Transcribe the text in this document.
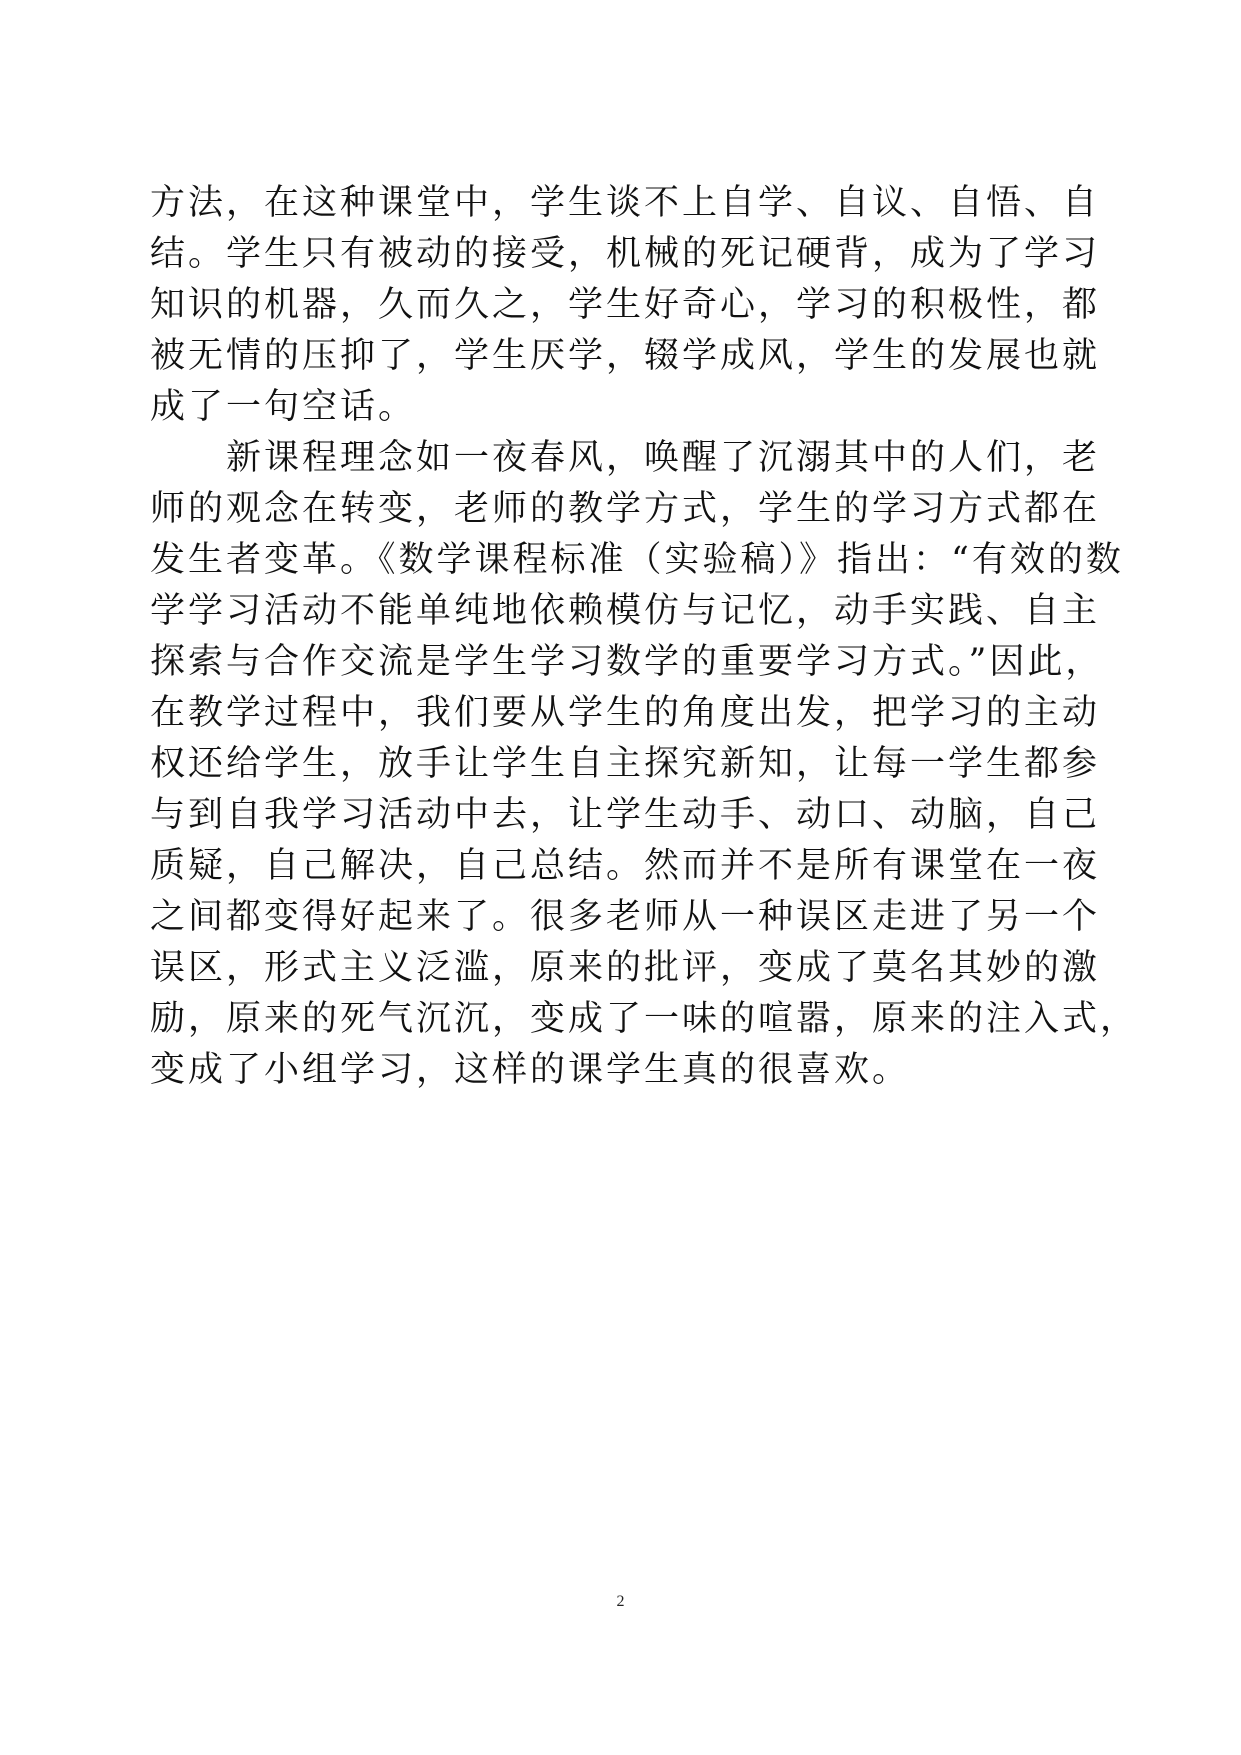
方法，在这种课堂中，学生谈不上自学、自议、自悟、自
结。学生只有被动的接受，机械的死记硬背，成为了学习
知识的机器，久而久之，学生好奇心，学习的积极性，都
被无情的压抑了，学生厌学，辍学成风，学生的发展也就
成了一句空话。
　　新课程理念如一夜春风，唤醒了沉溺其中的人们，老
师的观念在转变，老师的教学方式，学生的学习方式都在
发生者变革。《数学课程标准（实验稿）》指出：“有效的数
学学习活动不能单纯地依赖模仿与记忆，动手实践、自主
探索与合作交流是学生学习数学的重要学习方式。”因此，
在教学过程中，我们要从学生的角度出发，把学习的主动
权还给学生，放手让学生自主探究新知，让每一学生都参
与到自我学习活动中去，让学生动手、动口、动脑，自己
质疑，自己解决，自己总结。然而并不是所有课堂在一夜
之间都变得好起来了。很多老师从一种误区走进了另一个
误区，形式主义泛滥，原来的批评，变成了莫名其妙的激
励，原来的死气沉沉，变成了一味的喧嚣，原来的注入式，
变成了小组学习，这样的课学生真的很喜欢。
2
